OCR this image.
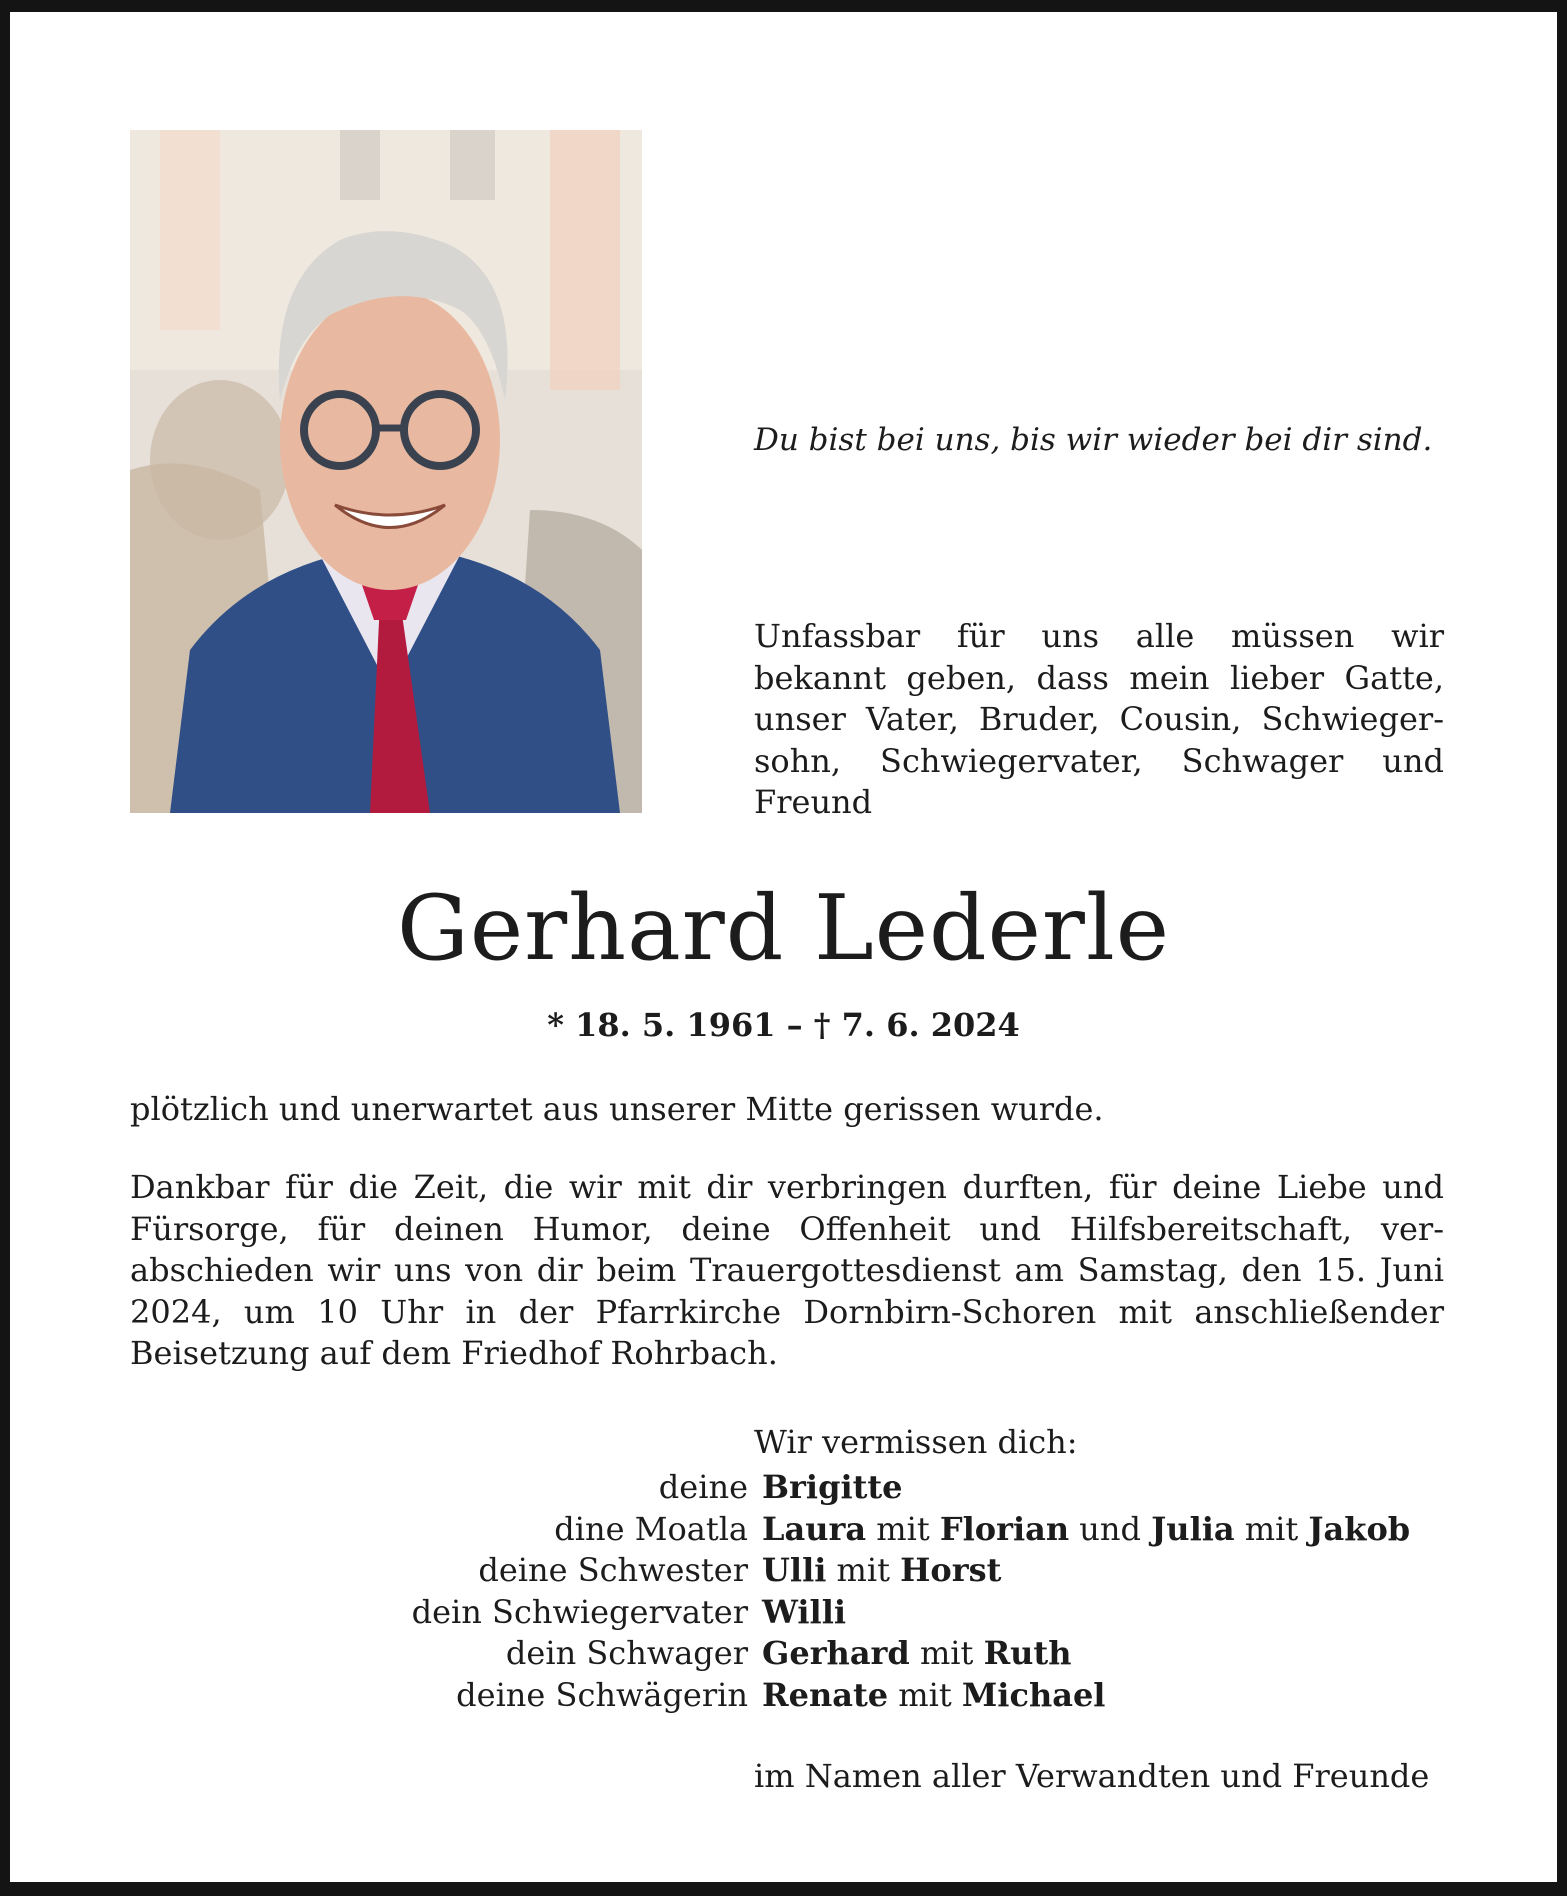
Du bist bei uns, bis wir wieder bei dir sind.

Unfassbar für uns alle müssen wir
bekannt geben, dass mein lieber Gatte,
unser Vater, Bruder, Cousin, Schwieger-
sohn, Schwiegervater, Schwager und
Freund
Gerhard Lederle
* 18. 5. 1961 – † 7. 6. 2024

plötzlich und unerwartet aus unserer Mitte gerissen wurde.

Dankbar für die Zeit, die wir mit dir verbringen durften, für deine Liebe und
Fürsorge, für deinen Humor, deine Offenheit und Hilfsbereitschaft, ver-
abschieden wir uns von dir beim Trauergottesdienst am Samstag, den 15. Juni
2024, um 10 Uhr in der Pfarrkirche Dornbirn-Schoren mit anschließender
Beisetzung auf dem Friedhof Rohrbach.

Wir vermissen dich:

deine Brigitte
dine Moatla Laura mit Florian und Julia mit Jakob
deine Schwester Ulli mit Horst
dein Schwiegervater Willi
dein Schwager Gerhard mit Ruth
deine Schwägerin Renate mit Michael

im Namen aller Verwandten und Freunde
